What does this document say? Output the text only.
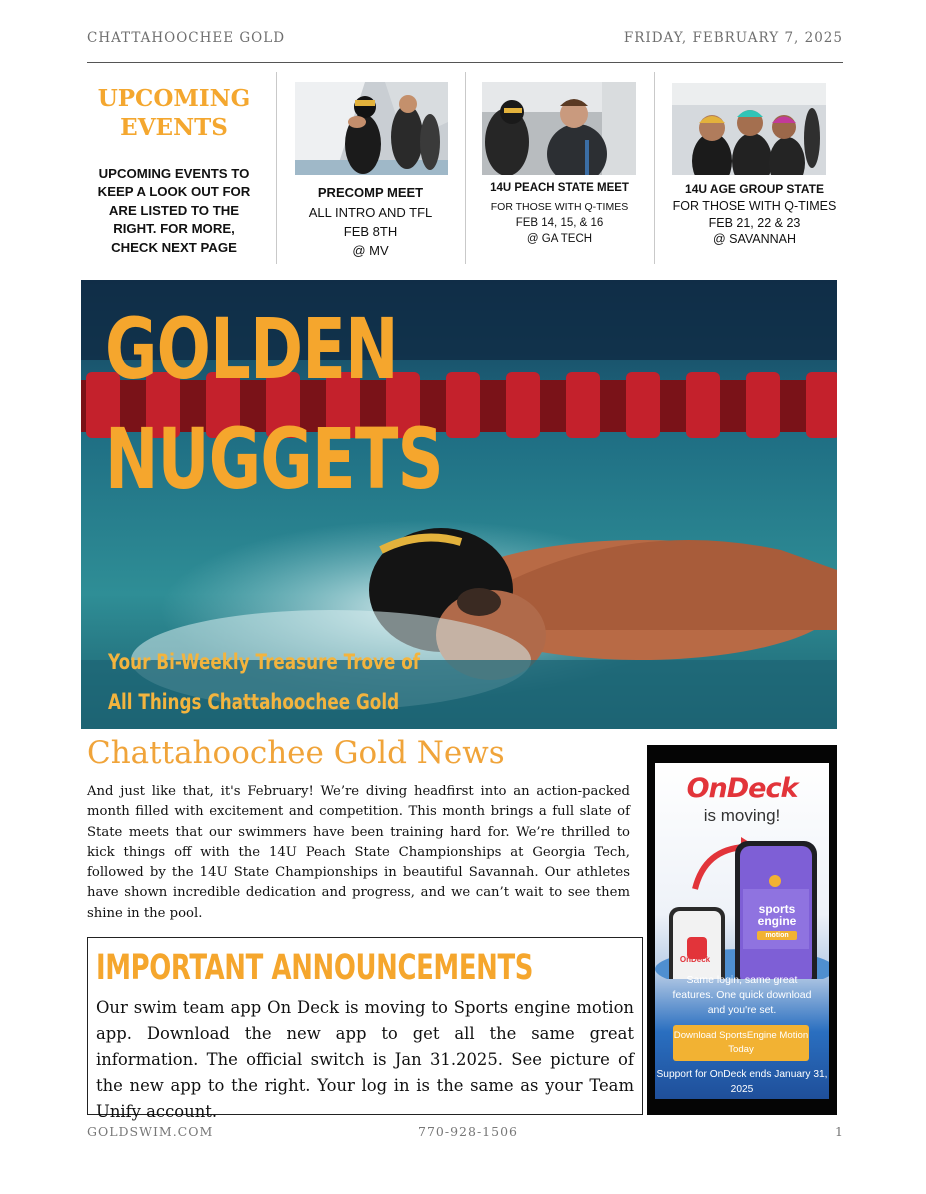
CHATTAHOOCHEE GOLD	FRIDAY, FEBRUARY 7, 2025
UPCOMING EVENTS
UPCOMING EVENTS TO KEEP A LOOK OUT FOR ARE LISTED TO THE RIGHT. FOR MORE, CHECK NEXT PAGE
PRECOMP MEET
ALL INTRO AND TFL
FEB 8TH
@ MV
14U PEACH STATE MEET
FOR THOSE WITH Q-TIMES
FEB 14, 15, & 16
@ GA TECH
14U AGE GROUP STATE
FOR THOSE WITH Q-TIMES
FEB 21, 22 & 23
@ SAVANNAH
GOLDEN
NUGGETS
Your Bi-Weekly Treasure Trove of
All Things Chattahoochee Gold
Chattahoochee Gold News
And just like that, it's February! We’re diving headfirst into an action-packed month filled with excitement and competition. This month brings a full slate of State meets that our swimmers have been training hard for. We’re thrilled to kick things off with the 14U Peach State Championships at Georgia Tech, followed by the 14U State Championships in beautiful Savannah. Our athletes have shown incredible dedication and progress, and we can’t wait to see them shine in the pool.
IMPORTANT ANNOUNCEMENTS
Our swim team app On Deck is moving to Sports engine motion app. Download the new app to get all the same great information. The official switch is Jan 31.2025. See picture of the new app to the right. Your log in is the same as your Team Unify account.
OnDeck
is moving!
OnDeck
sports
engine
motion
Same login, same great features. One quick download and you're set.
Download SportsEngine Motion Today
Support for OnDeck ends January 31, 2025
GOLDSWIM.COM	770-928-1506	1
